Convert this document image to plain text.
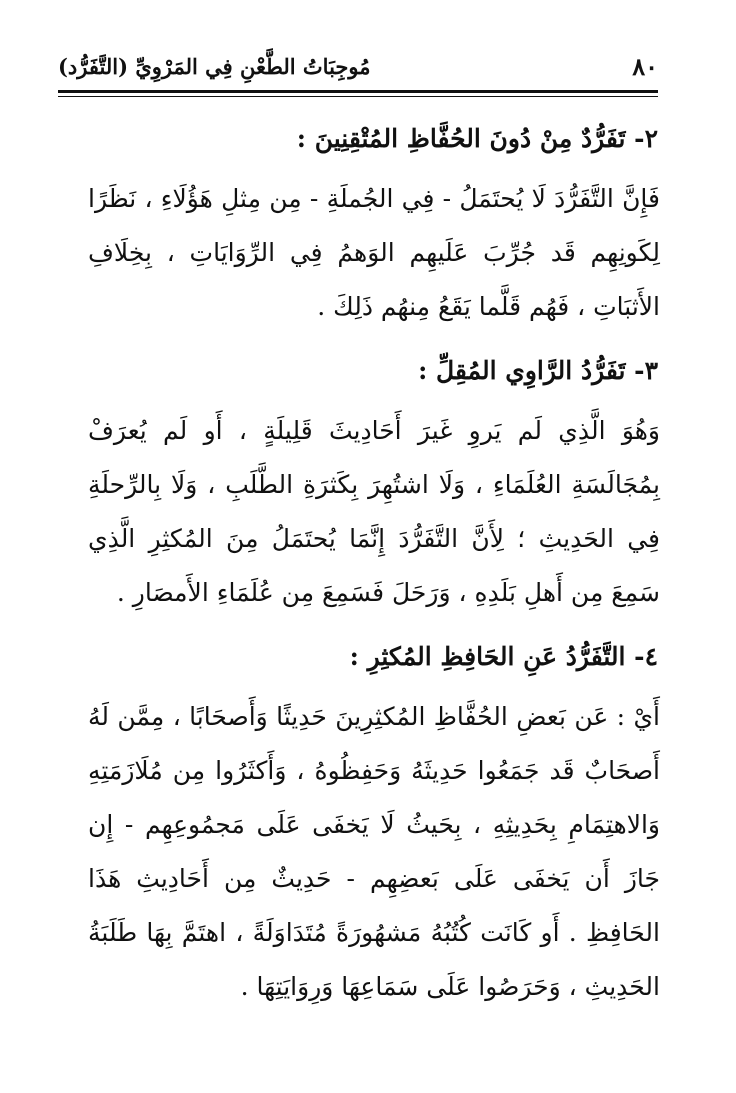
٨٠
مُوجِبَاتُ الطَّعْنِ فِي المَرْوِيِّ (التَّفَرُّد)

٢- تَفَرُّدٌ مِنْ دُونَ الحُفَّاظِ المُتْقِنِينَ :

فَإِنَّ التَّفَرُّدَ لَا يُحتَمَلُ - فِي الجُملَةِ - مِن مِثلِ هَؤُلَاءِ ، نَظَرًا لِكَونِهِم قَد جُرِّبَ عَلَيهِم الوَهمُ فِي الرِّوَايَاتِ ، بِخِلَافِ الأَثبَاتِ ، فَهُم قَلَّما يَقَعُ مِنهُم ذَلِكَ .

٣- تَفَرُّدُ الرَّاوِي المُقِلِّ :

وَهُوَ الَّذِي لَم يَروِ غَيرَ أَحَادِيثَ قَلِيلَةٍ ، أَو لَم يُعرَفْ بِمُجَالَسَةِ العُلَمَاءِ ، وَلَا اشتُهِرَ بِكَثرَةِ الطَّلَبِ ، وَلَا بِالرِّحلَةِ فِي الحَدِيثِ ؛ لِأَنَّ التَّفَرُّدَ إِنَّمَا يُحتَمَلُ مِنَ المُكثِرِ الَّذِي سَمِعَ مِن أَهلِ بَلَدِهِ ، وَرَحَلَ فَسَمِعَ مِن عُلَمَاءِ الأَمصَارِ .

٤- التَّفَرُّدُ عَنِ الحَافِظِ المُكثِرِ :

أَيْ : عَن بَعضِ الحُفَّاظِ المُكثِرِينَ حَدِيثًا وَأَصحَابًا ، مِمَّن لَهُ أَصحَابٌ قَد جَمَعُوا حَدِيثَهُ وَحَفِظُوهُ ، وَأَكثَرُوا مِن مُلَازَمَتِهِ وَالاهتِمَامِ بِحَدِيثِهِ ، بِحَيثُ لَا يَخفَى عَلَى مَجمُوعِهِم - إِن جَازَ أَن يَخفَى عَلَى بَعضِهِم - حَدِيثٌ مِن أَحَادِيثِ هَذَا الحَافِظِ . أَو كَانَت كُتُبُهُ مَشهُورَةً مُتَدَاوَلَةً ، اهتَمَّ بِهَا طَلَبَةُ الحَدِيثِ ، وَحَرَصُوا عَلَى سَمَاعِهَا وَرِوَايَتِهَا .
